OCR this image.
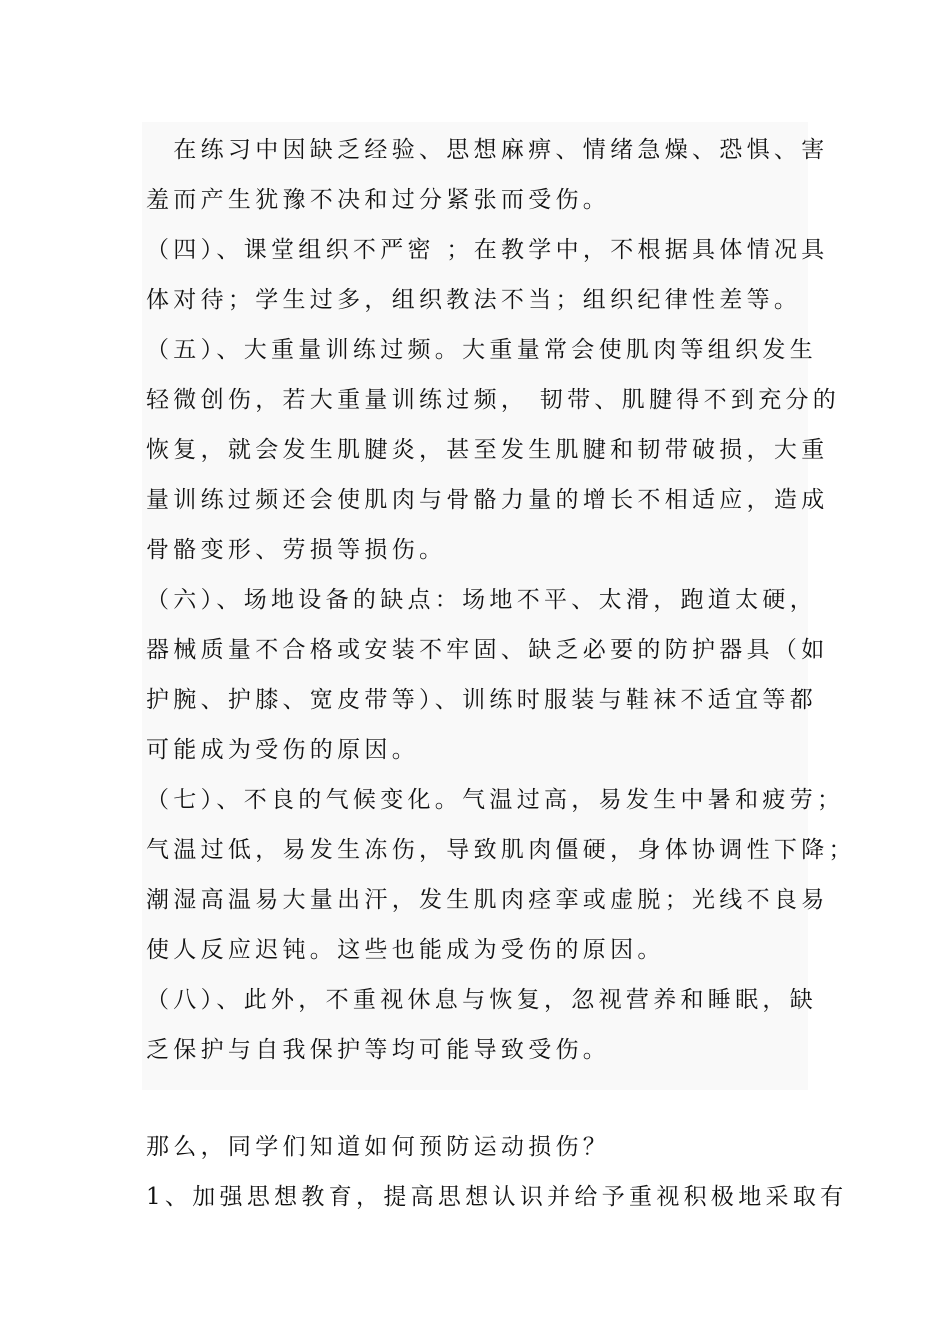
　在练习中因缺乏经验、思想麻痹、情绪急燥、恐惧、害
羞而产生犹豫不决和过分紧张而受伤。
（四）、课堂组织不严密 ；在教学中，不根据具体情况具
体对待；学生过多，组织教法不当；组织纪律性差等。
（五）、大重量训练过频。大重量常会使肌肉等组织发生
轻微创伤，若大重量训练过频， 韧带、肌腱得不到充分的
恢复，就会发生肌腱炎，甚至发生肌腱和韧带破损，大重
量训练过频还会使肌肉与骨骼力量的增长不相适应，造成
骨骼变形、劳损等损伤。
（六）、场地设备的缺点：场地不平、太滑，跑道太硬，
器械质量不合格或安装不牢固、缺乏必要的防护器具（如
护腕、护膝、宽皮带等）、训练时服装与鞋袜不适宜等都
可能成为受伤的原因。
（七）、不良的气候变化。气温过高，易发生中暑和疲劳；
气温过低，易发生冻伤，导致肌肉僵硬，身体协调性下降；
潮湿高温易大量出汗，发生肌肉痉挛或虚脱；光线不良易
使人反应迟钝。这些也能成为受伤的原因。
（八）、此外，不重视休息与恢复，忽视营养和睡眠，缺
乏保护与自我保护等均可能导致受伤。
那么，同学们知道如何预防运动损伤？
1、加强思想教育，提高思想认识并给予重视积极地采取有
